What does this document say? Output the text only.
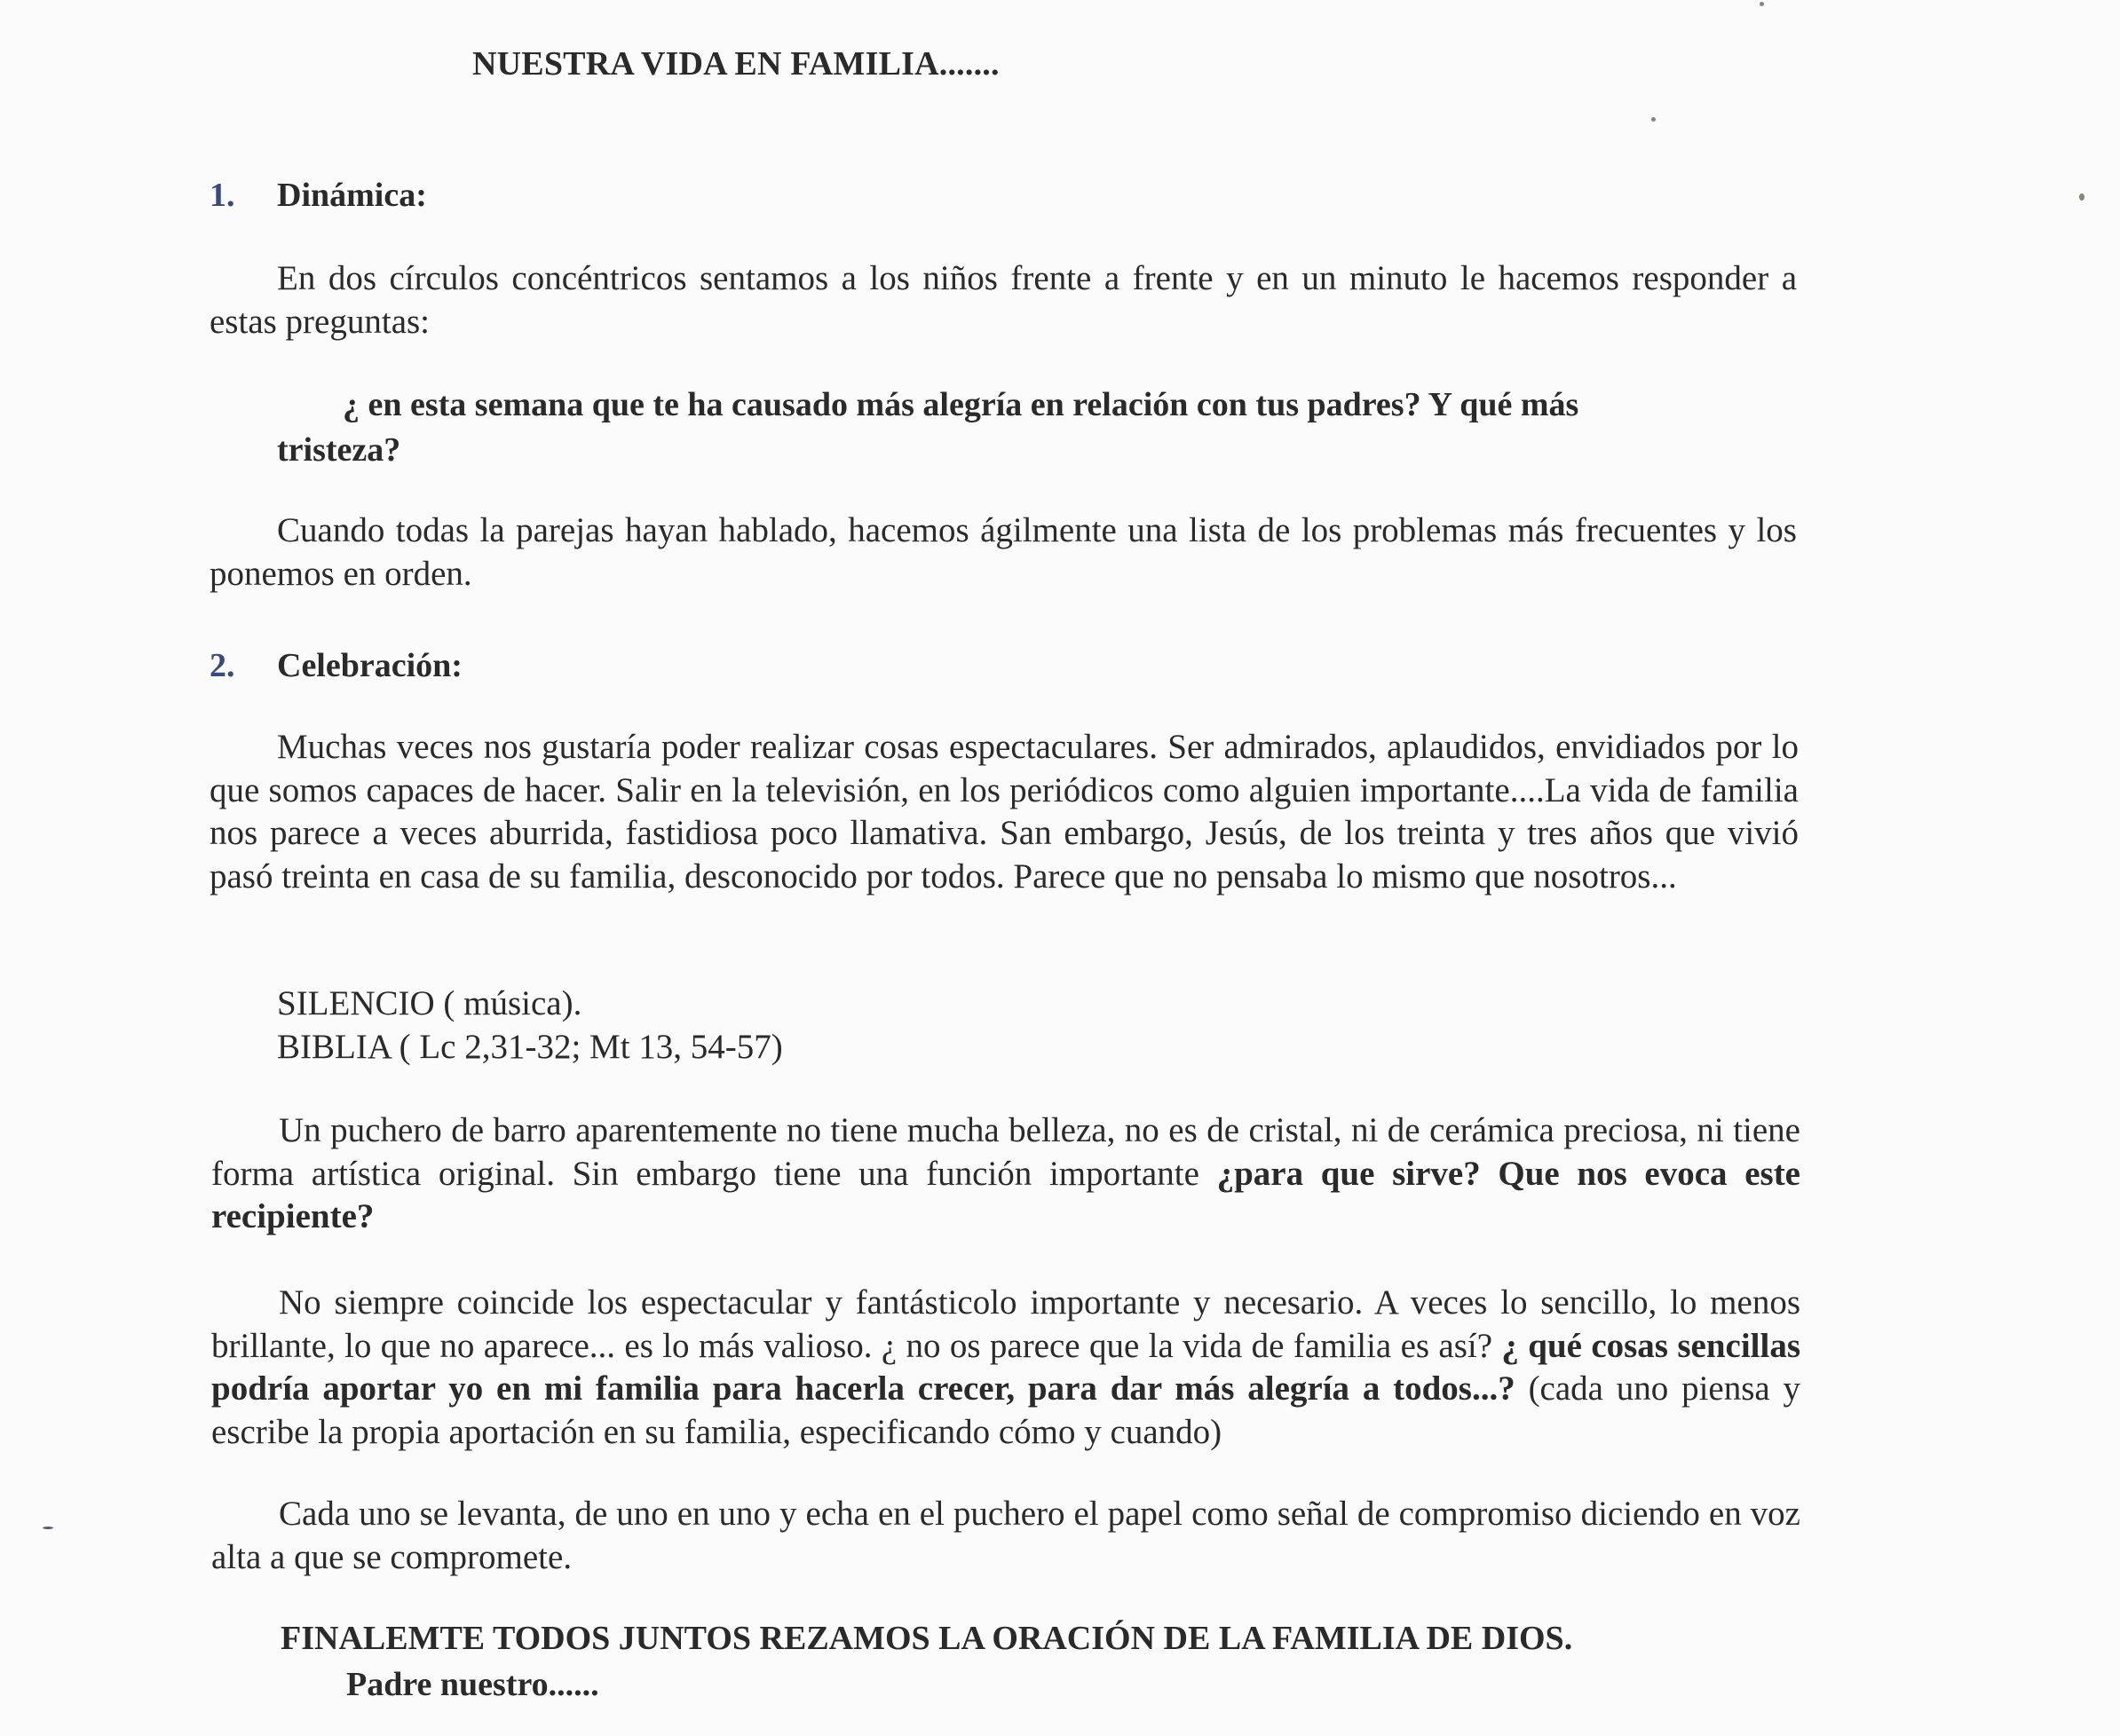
NUESTRA VIDA EN FAMILIA.......

1. Dinámica:

En dos círculos concéntricos sentamos a los niños frente a frente y en un minuto le hacemos responder a estas preguntas:

¿ en esta semana que te ha causado más alegría en relación con tus padres? Y qué más

tristeza?

Cuando todas la parejas hayan hablado, hacemos ágilmente una lista de los problemas más frecuentes y los ponemos en orden.

2. Celebración:

Muchas veces nos gustaría poder realizar cosas espectaculares. Ser admirados, aplaudidos, envidiados por lo que somos capaces de hacer. Salir en la televisión, en los periódicos como alguien importante....La vida de familia nos parece a veces aburrida, fastidiosa poco llamativa. San embargo, Jesús, de los treinta y tres años que vivió pasó treinta en casa de su familia, desconocido por todos. Parece que no pensaba lo mismo que nosotros...

SILENCIO ( música).

BIBLIA ( Lc 2,31-32; Mt 13, 54-57)

Un puchero de barro aparentemente no tiene mucha belleza, no es de cristal, ni de cerámica preciosa, ni tiene forma artística original. Sin embargo tiene una función importante ¿para que sirve? Que nos evoca este recipiente?

No siempre coincide los espectacular y fantásticolo importante y necesario. A veces lo sencillo, lo menos brillante, lo que no aparece... es lo más valioso. ¿ no os parece que la vida de familia es así? ¿ qué cosas sencillas podría aportar yo en mi familia para hacerla crecer, para dar más alegría a todos...? (cada uno piensa y escribe la propia aportación en su familia, especificando cómo y cuando)

Cada uno se levanta, de uno en uno y echa en el puchero el papel como señal de compromiso diciendo en voz alta a que se compromete.

FINALEMTE TODOS JUNTOS REZAMOS LA ORACIÓN DE LA FAMILIA DE DIOS.

Padre nuestro......
